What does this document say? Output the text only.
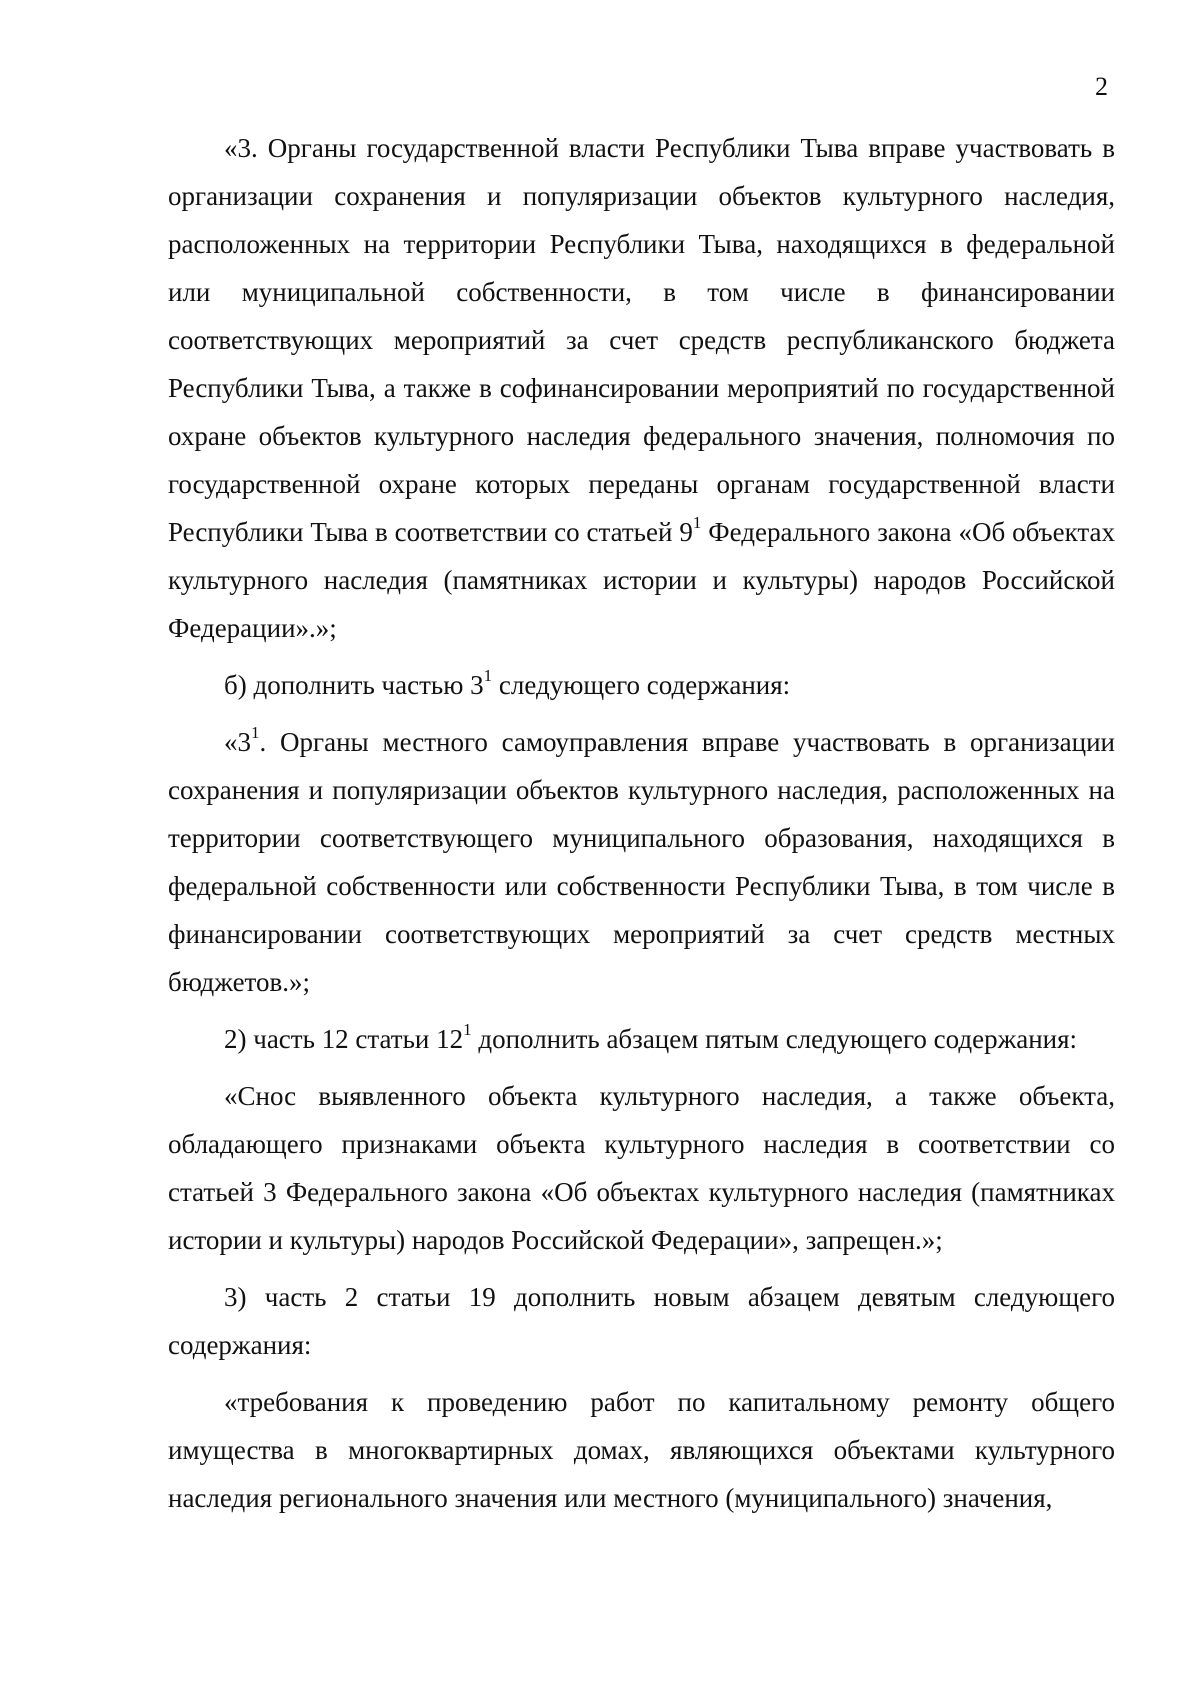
2

«3. Органы государственной власти Республики Тыва вправе участвовать в организации сохранения и популяризации объектов культурного наследия, расположенных на территории Республики Тыва, находящихся в федеральной или муниципальной собственности, в том числе в финансировании соответствующих мероприятий за счет средств республиканского бюджета Республики Тыва, а также в софинансировании мероприятий по государственной охране объектов культурного наследия федерального значения, полномочия по государственной охране которых переданы органам государственной власти Республики Тыва в соответствии со статьей $9^1$ Федерального закона «Об объектах культурного наследия (памятниках истории и культуры) народов Российской Федерации».»;

б) дополнить частью $3^1$ следующего содержания:

«$3^1$. Органы местного самоуправления вправе участвовать в организации сохранения и популяризации объектов культурного наследия, расположенных на территории соответствующего муниципального образования, находящихся в федеральной собственности или собственности Республики Тыва, в том числе в финансировании соответствующих мероприятий за счет средств местных бюджетов.»;

2) часть 12 статьи $12^1$ дополнить абзацем пятым следующего содержания:

«Снос выявленного объекта культурного наследия, а также объекта, обладающего признаками объекта культурного наследия в соответствии со статьей 3 Федерального закона «Об объектах культурного наследия (памятниках истории и культуры) народов Российской Федерации», запрещен.»;

3) часть 2 статьи 19 дополнить новым абзацем девятым следующего содержания:

«требования к проведению работ по капитальному ремонту общего имущества в многоквартирных домах, являющихся объектами культурного наследия регионального значения или местного (муниципального) значения,
